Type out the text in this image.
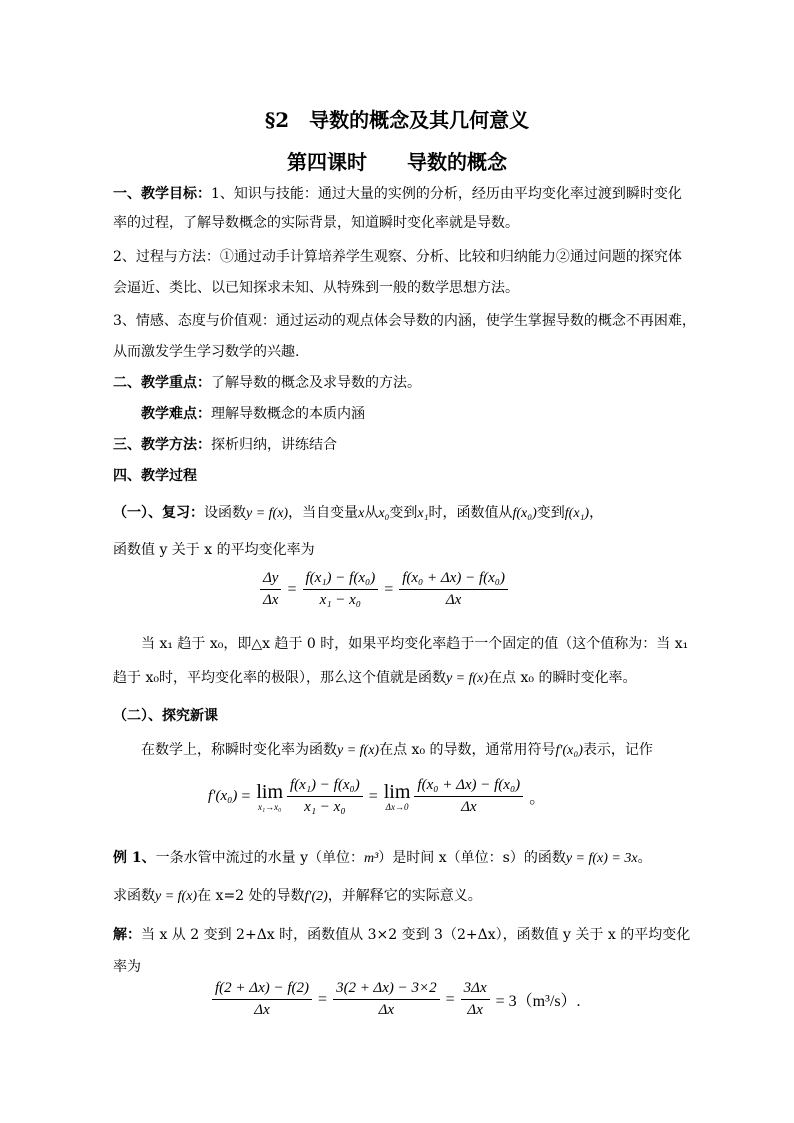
§2　导数的概念及其几何意义
第四课时　　导数的概念
一、教学目标：1、知识与技能：通过大量的实例的分析，经历由平均变化率过渡到瞬时变化
率的过程，了解导数概念的实际背景，知道瞬时变化率就是导数。
2、过程与方法：①通过动手计算培养学生观察、分析、比较和归纳能力②通过问题的探究体
会逼近、类比、以已知探求未知、从特殊到一般的数学思想方法。
3、情感、态度与价值观：通过运动的观点体会导数的内涵，使学生掌握导数的概念不再困难，
从而激发学生学习数学的兴趣.
二、教学重点：了解导数的概念及求导数的方法。
教学难点：理解导数概念的本质内涵
三、教学方法：探析归纳，讲练结合
四、教学过程
（一）、复习：设函数y = f(x)，当自变量x从x₀变到x₁时，函数值从f(x₀)变到f(x₁)，
函数值 y 关于 x 的平均变化率为
$\frac{\Delta y}{\Delta x} = \frac{\text{f(x₁) − f(x₀)}}{\text{x₁ − x₀}} = \frac{\text{f(x₀ + Δx) − f(x₀)}}{\Delta x}$
当 x₁ 趋于 x₀，即△x 趋于 0 时，如果平均变化率趋于一个固定的值（这个值称为：当 x₁
趋于 x₀时，平均变化率的极限），那么这个值就是函数y = f(x)在点 x₀ 的瞬时变化率。
（二）、探究新课
在数学上，称瞬时变化率为函数y = f(x)在点 x₀ 的导数，通常用符号f′(x₀)表示，记作
f′(x₀) = lim
$x_1\to x_0 \frac{\text{f(x₁) − f(x₀)}}{\text{x₁ − x₀}} = \lim$
$\Delta x\to 0 \frac{\text{f(x₀ + Δx) − f(x₀)}}{\Delta x}$ 。
例 1、一条水管中流过的水量 y（单位：m³）是时间 x（单位：s）的函数y = f(x) = 3x。
求函数y = f(x)在 x=2 处的导数f′(2)，并解释它的实际意义。
解：当 x 从 2 变到 2+Δx 时，函数值从 3×2 变到 3（2+Δx），函数值 y 关于 x 的平均变化
率为
$\frac{f(2 + \Delta x) - f(2)}{\Delta x} = \frac{3(2 + \Delta x) - 3\times 2}{\Delta x} = \frac{3\Delta x}{\Delta x} = 3(m^3/s)$.
